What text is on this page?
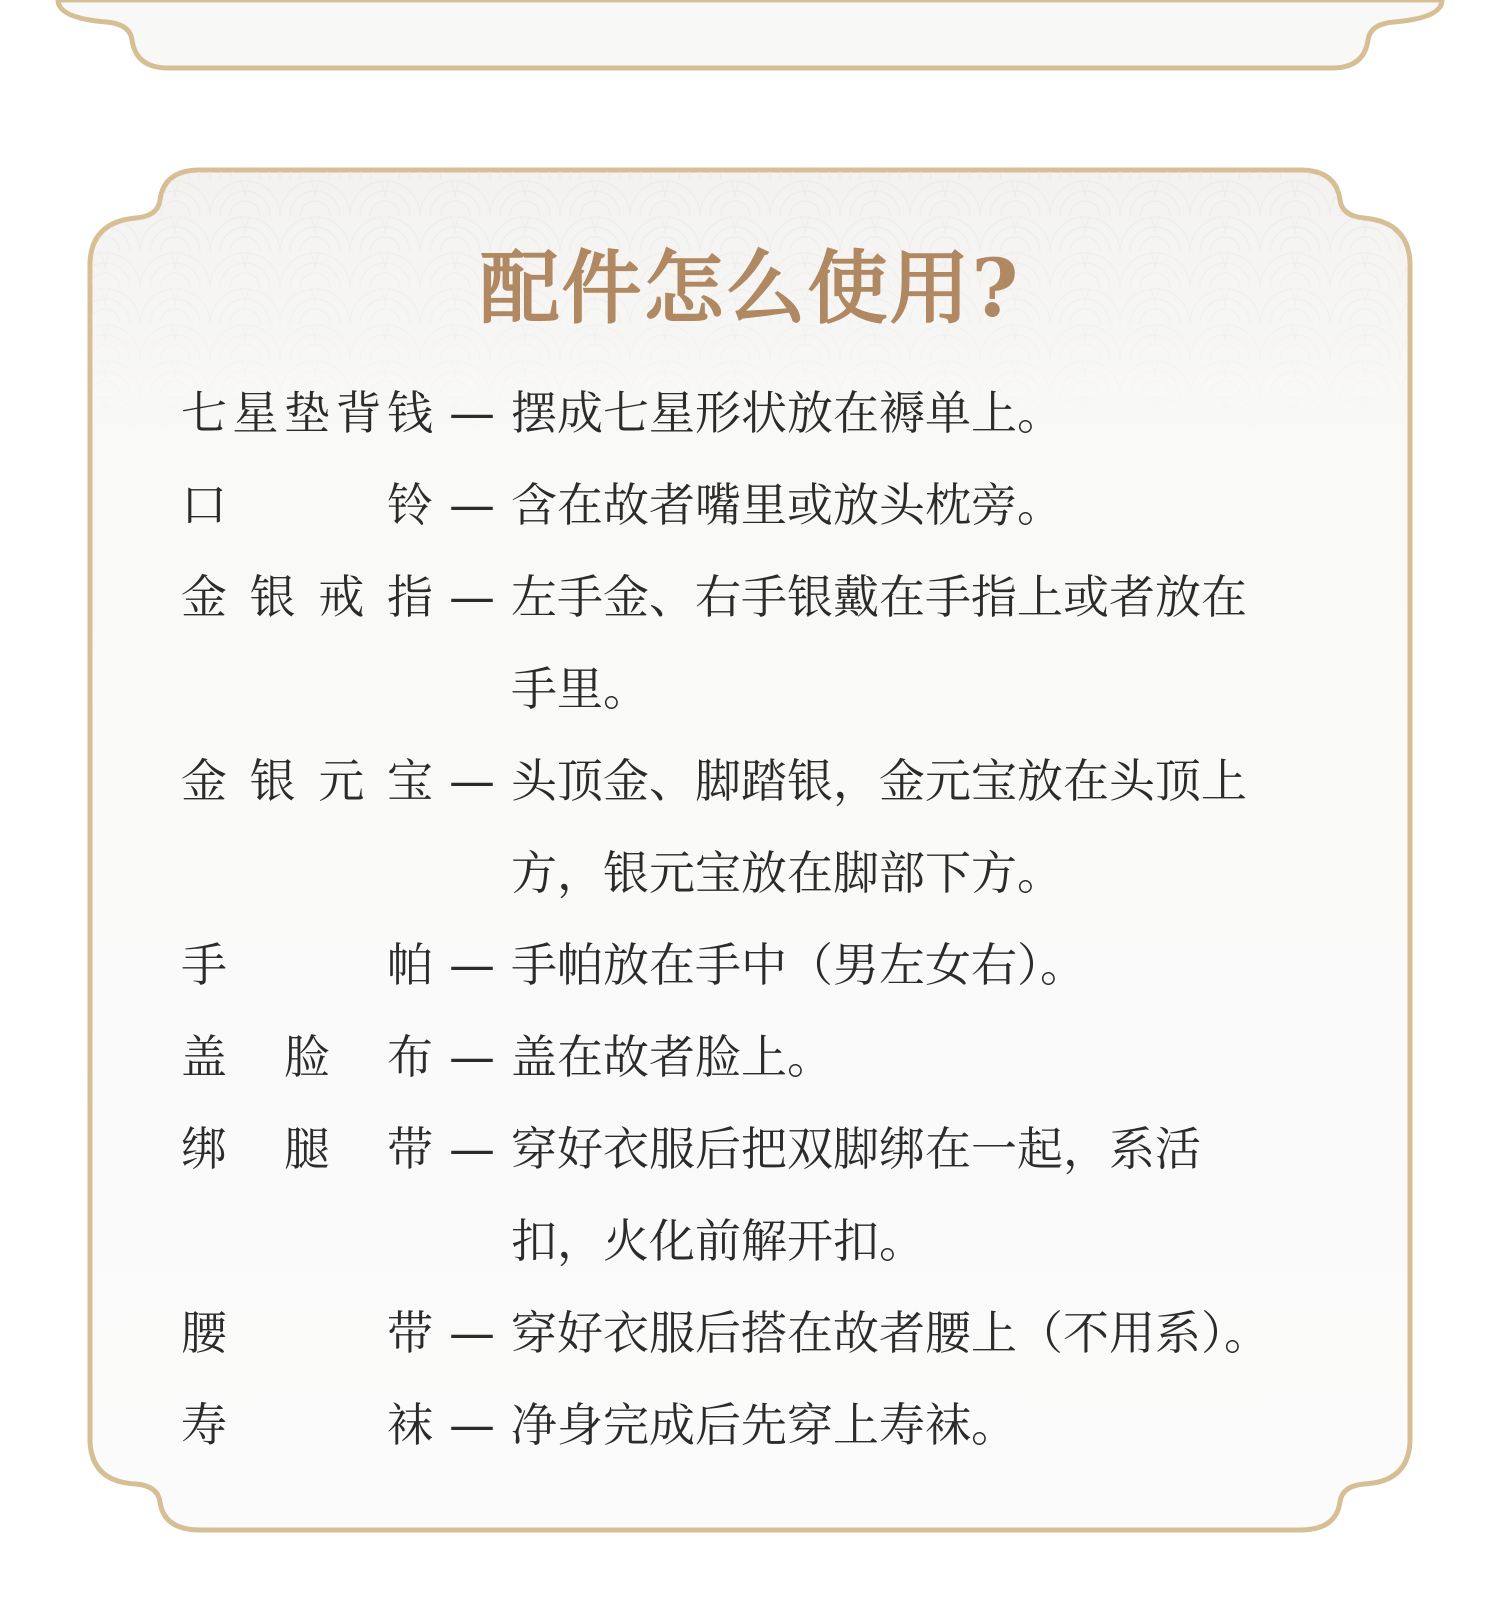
配件怎么使用?
七 星 垫 背 钱 — 摆成七星形状放在褥单上。
口	铃 — 含在故者嘴里或放头枕旁。
金 银 戒 指 — 左手金、右手银戴在手指上或者放在
手里。
金 银 元 宝 — 头顶金、脚踏银，金元宝放在头顶上
方，银元宝放在脚部下方。
手	帕 — 手帕放在手中（男左女右）。
盖 脸 布 — 盖在故者脸上。
绑 腿 带 — 穿好衣服后把双脚绑在一起，系活
扣，火化前解开扣。
腰	带 — 穿好衣服后搭在故者腰上（不用系）。
寿	袜 — 净身完成后先穿上寿袜。
